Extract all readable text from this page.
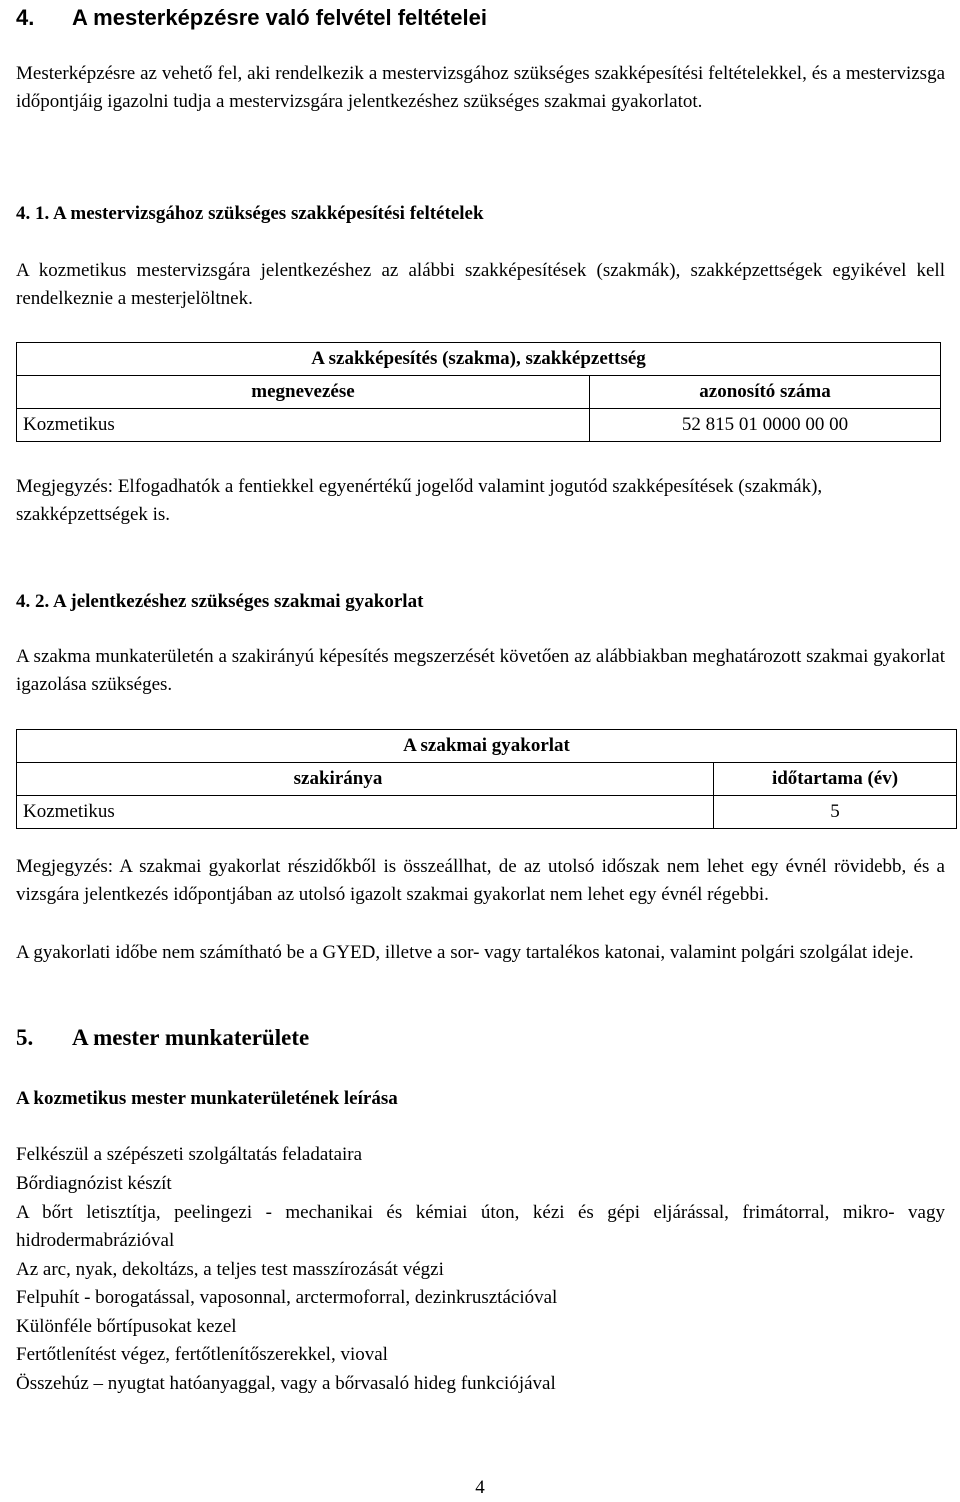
4. A mesterképzésre való felvétel feltételei
Mesterképzésre az vehető fel, aki rendelkezik a mestervizsgához szükséges szakképesítési feltételekkel, és a mestervizsga időpontjáig igazolni tudja a mestervizsgára jelentkezéshez szükséges szakmai gyakorlatot.
4. 1. A mestervizsgához szükséges szakképesítési feltételek
A kozmetikus mestervizsgára jelentkezéshez az alábbi szakképesítések (szakmák), szakképzettségek egyikével kell rendelkeznie a mesterjelöltnek.
A szakképesítés (szakma), szakképzettség	
megnevezése	azonosító száma
Kozmetikus	52 815 01 0000 00 00
Megjegyzés: Elfogadhatók a fentiekkel egyenértékű jogelőd valamint jogutód szakképesítések (szakmák), szakképzettségek is.
4. 2. A jelentkezéshez szükséges szakmai gyakorlat
A szakma munkaterületén a szakirányú képesítés megszerzését követően az alábbiakban meghatározott szakmai gyakorlat igazolása szükséges.
A szakmai gyakorlat	
szakiránya	időtartama (év)
Kozmetikus	5
Megjegyzés: A szakmai gyakorlat részidőkből is összeállhat, de az utolsó időszak nem lehet egy évnél rövidebb, és a vizsgára jelentkezés időpontjában az utolsó igazolt szakmai gyakorlat nem lehet egy évnél régebbi.
A gyakorlati időbe nem számítható be a GYED, illetve a sor- vagy tartalékos katonai, valamint polgári szolgálat ideje.
5. A mester munkaterülete
A kozmetikus mester munkaterületének leírása
Felkészül a szépészeti szolgáltatás feladataira
Bőrdiagnózist készít
A bőrt letisztítja, peelingezi - mechanikai és kémiai úton, kézi és gépi eljárással, frimátorral, mikro- vagy hidrodermabrázióval
Az arc, nyak, dekoltázs, a teljes test masszírozását végzi
Felpuhít - borogatással, vaposonnal, arctermoforral, dezinkrusztációval
Különféle bőrtípusokat kezel
Fertőtlenítést végez, fertőtlenítőszerekkel, vioval
Összehúz – nyugtat hatóanyaggal, vagy a bőrvasaló hideg funkciójával
4
